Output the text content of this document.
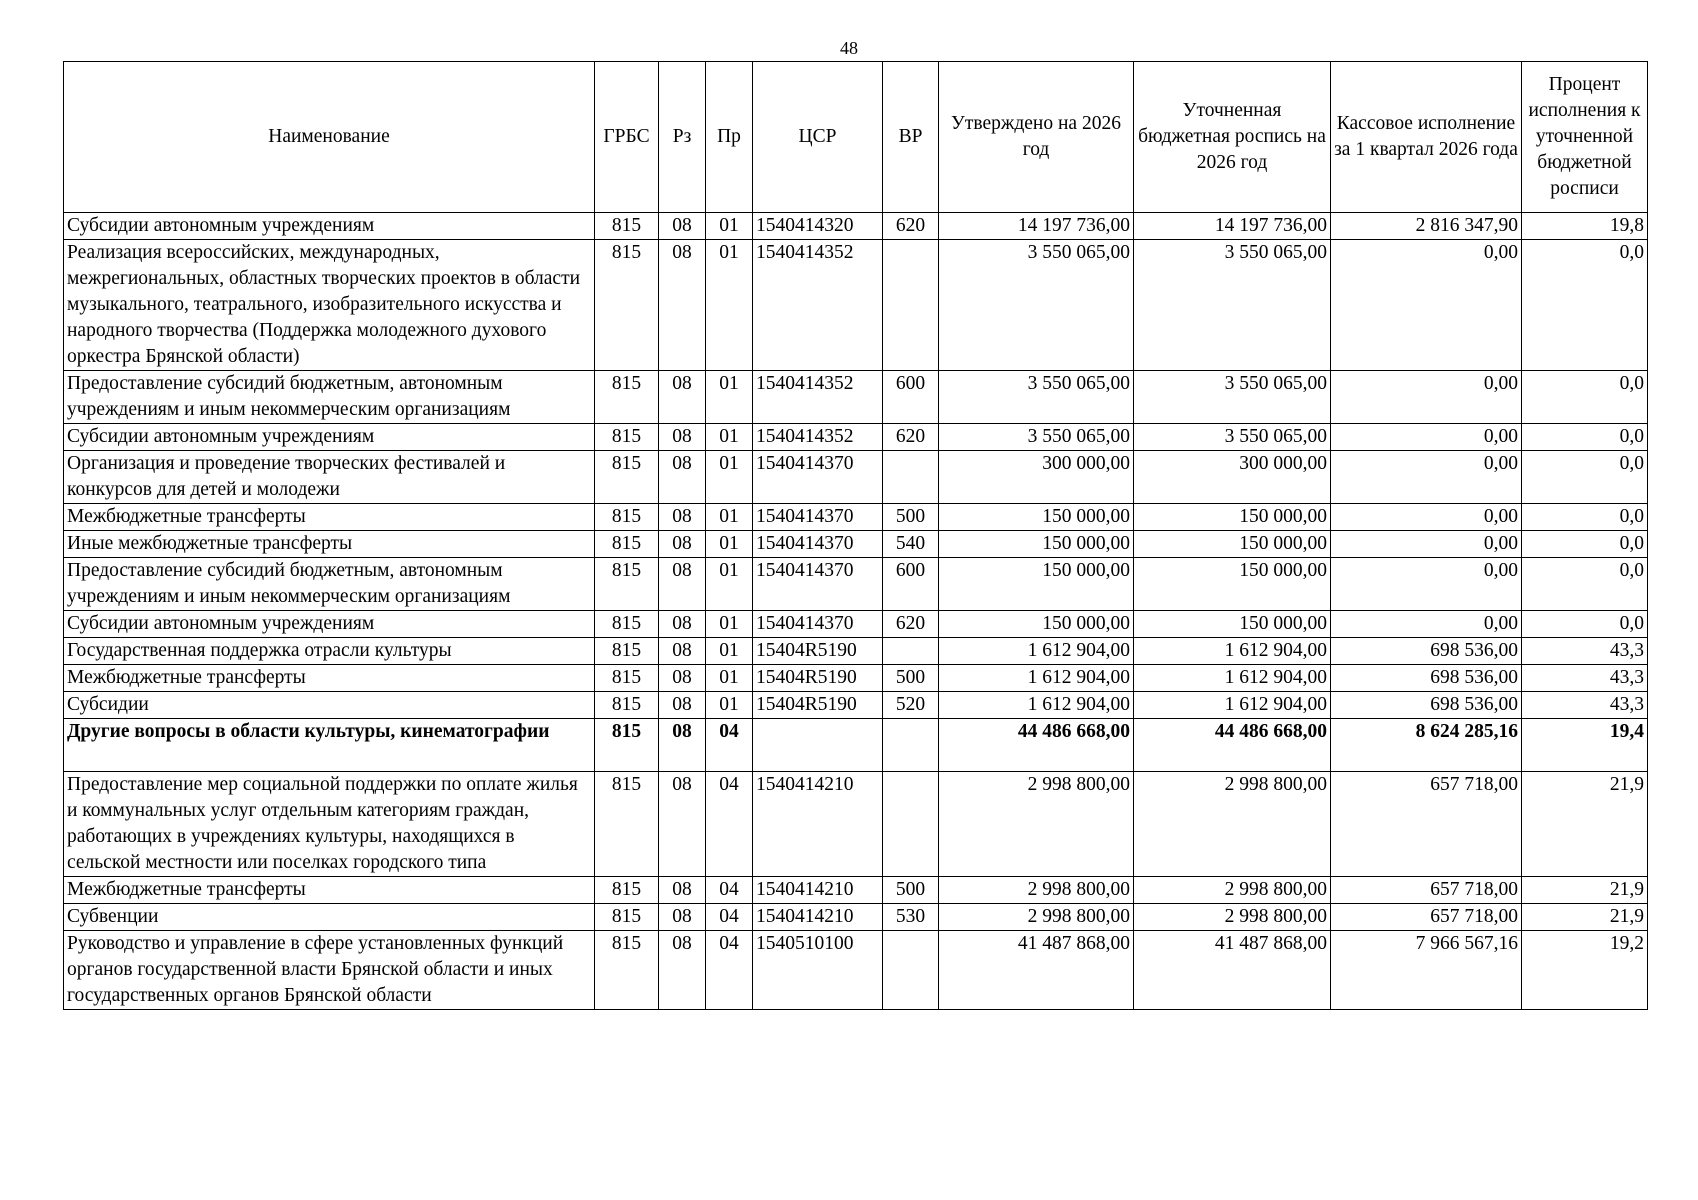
48
Наименование	ГРБС	Рз	Пр	ЦСР	ВР	Утверждено на 2026 год	Уточненная бюджетная роспись на 2026 год	Кассовое исполнение за 1 квартал 2026 года	Процент исполнения к уточненной бюджетной росписи
Субсидии автономным учреждениям	815	08	01	1540414320	620	14 197 736,00	14 197 736,00	2 816 347,90	19,8
Реализация всероссийских, международных, межрегиональных, областных творческих проектов в области музыкального, театрального, изобразительного искусства и народного творчества (Поддержка молодежного духового оркестра Брянской области)	815	08	01	1540414352		3 550 065,00	3 550 065,00	0,00	0,0
Предоставление субсидий бюджетным, автономным учреждениям и иным некоммерческим организациям	815	08	01	1540414352	600	3 550 065,00	3 550 065,00	0,00	0,0
Субсидии автономным учреждениям	815	08	01	1540414352	620	3 550 065,00	3 550 065,00	0,00	0,0
Организация и проведение творческих фестивалей и конкурсов для детей и молодежи	815	08	01	1540414370		300 000,00	300 000,00	0,00	0,0
Межбюджетные трансферты	815	08	01	1540414370	500	150 000,00	150 000,00	0,00	0,0
Иные межбюджетные трансферты	815	08	01	1540414370	540	150 000,00	150 000,00	0,00	0,0
Предоставление субсидий бюджетным, автономным учреждениям и иным некоммерческим организациям	815	08	01	1540414370	600	150 000,00	150 000,00	0,00	0,0
Субсидии автономным учреждениям	815	08	01	1540414370	620	150 000,00	150 000,00	0,00	0,0
Государственная поддержка отрасли культуры	815	08	01	15404R5190		1 612 904,00	1 612 904,00	698 536,00	43,3
Межбюджетные трансферты	815	08	01	15404R5190	500	1 612 904,00	1 612 904,00	698 536,00	43,3
Субсидии	815	08	01	15404R5190	520	1 612 904,00	1 612 904,00	698 536,00	43,3
Другие вопросы в области культуры, кинематографии	815	08	04			44 486 668,00	44 486 668,00	8 624 285,16	19,4
Предоставление мер социальной поддержки по оплате жилья и коммунальных услуг отдельным категориям граждан, работающих в учреждениях культуры, находящихся в сельской местности или поселках городского типа	815	08	04	1540414210		2 998 800,00	2 998 800,00	657 718,00	21,9
Межбюджетные трансферты	815	08	04	1540414210	500	2 998 800,00	2 998 800,00	657 718,00	21,9
Субвенции	815	08	04	1540414210	530	2 998 800,00	2 998 800,00	657 718,00	21,9
Руководство и управление в сфере установленных функций органов государственной власти Брянской области и иных государственных органов Брянской области	815	08	04	1540510100		41 487 868,00	41 487 868,00	7 966 567,16	19,2
